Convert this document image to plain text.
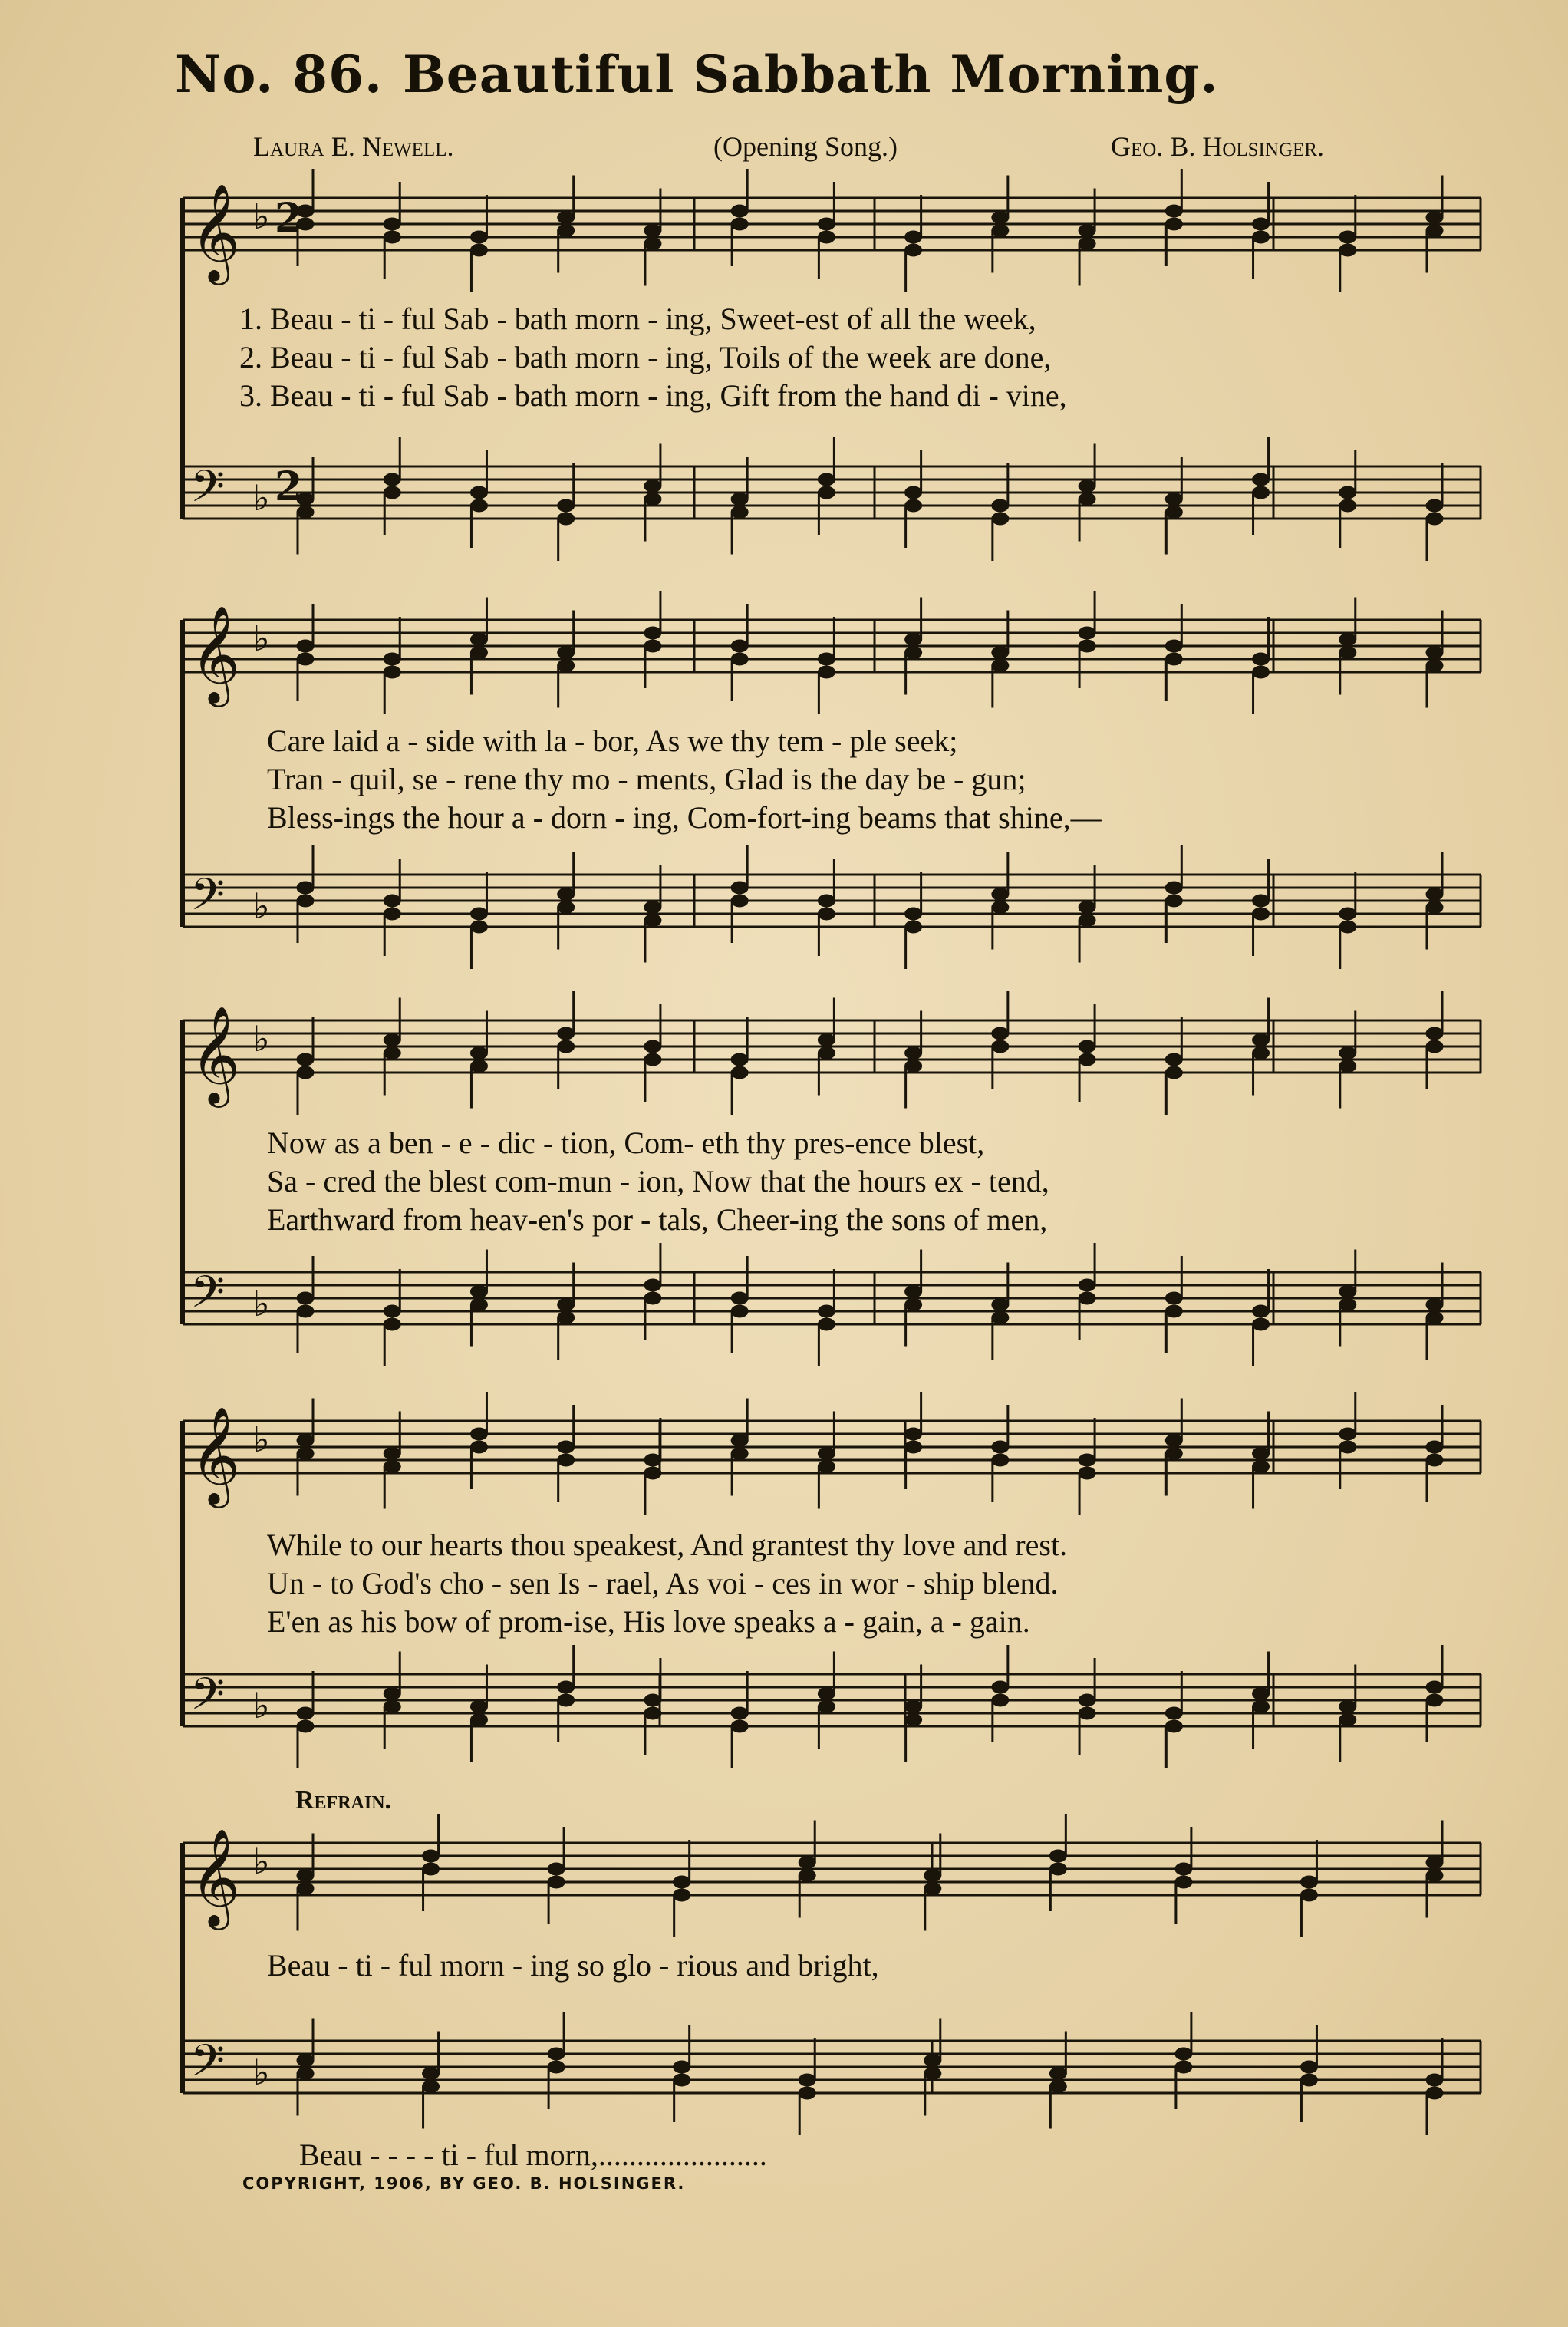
No. 86. Beautiful Sabbath Morning.
Laura E. Newell.	(Opening Song.)	Geo. B. Holsinger.
𝄞 ♭
𝄢 ♭
𝄞 ♭
𝄢 ♭
𝄞 ♭
𝄢 ♭
𝄞 ♭
𝄢 ♭
𝄞 ♭
𝄢 ♭
2
2
1. Beau - ti - ful Sab - bath morn - ing, Sweet-est of all the week,
2. Beau - ti - ful Sab - bath morn - ing, Toils of the week are done,
3. Beau - ti - ful Sab - bath morn - ing, Gift from the hand di - vine,
Care laid a - side with la - bor, As we thy tem - ple seek;
Tran - quil, se - rene thy mo - ments, Glad is the day be - gun;
Bless-ings the hour a - dorn - ing, Com-fort-ing beams that shine,—
Now as a ben - e - dic - tion, Com- eth thy pres-ence blest,
Sa - cred the blest com-mun - ion, Now that the hours ex - tend,
Earthward from heav-en's por - tals, Cheer-ing the sons of men,
While to our hearts thou speakest, And grantest thy love and rest.
Un - to God's cho - sen Is - rael, As voi - ces in wor - ship blend.
E'en as his bow of prom-ise, His love speaks a - gain, a - gain.
Refrain.
Beau - ti - ful morn - ing so glo - rious and bright,
Beau - - - - ti - ful morn,......................
COPYRIGHT, 1906, BY GEO. B. HOLSINGER.
